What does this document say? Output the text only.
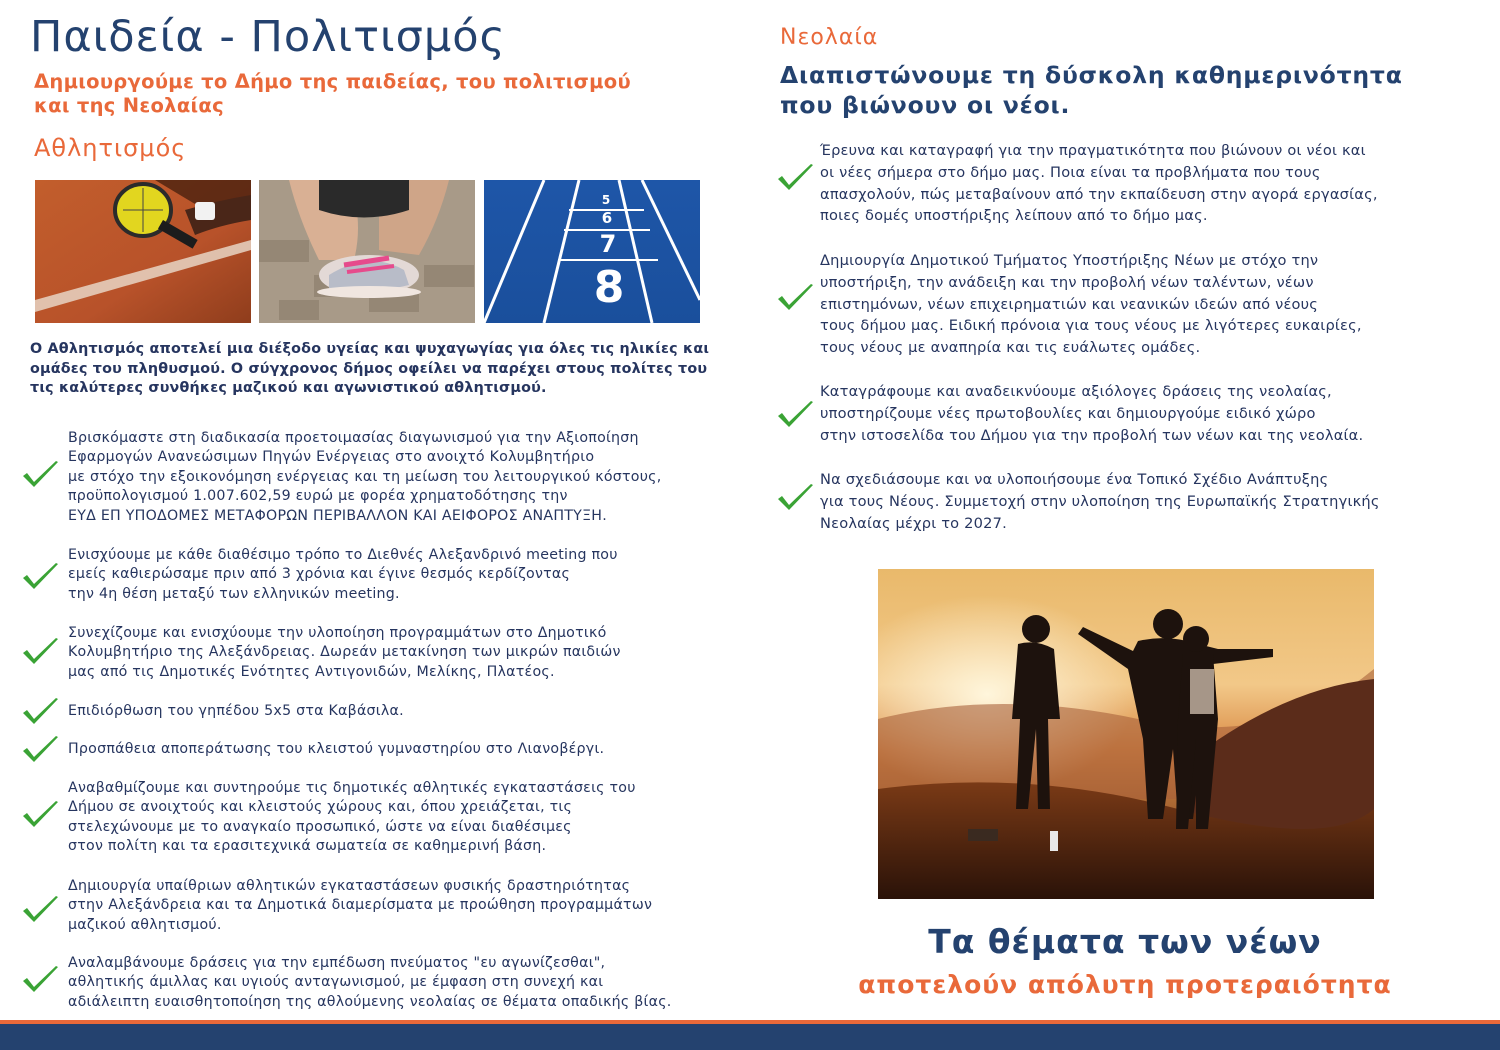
Παιδεία - Πολιτισμός

Δημιουργούμε το Δήμο της παιδείας, του πολιτισμού
και της Νεολαίας

Αθλητισμός
5
6
7
8

Ο Αθλητισμός αποτελεί μια διέξοδο υγείας και ψυχαγωγίας για όλες τις ηλικίες και ομάδες του πληθυσμού. Ο σύγχρονος δήμος οφείλει να παρέχει στους πολίτες του τις καλύτερες συνθήκες μαζικού και αγωνιστικού αθλητισμού.

Βρισκόμαστε στη διαδικασία προετοιμασίας διαγωνισμού για την Αξιοποίηση
Εφαρμογών Ανανεώσιμων Πηγών Ενέργειας στο ανοιχτό Κολυμβητήριο
με στόχο την εξοικονόμηση ενέργειας και τη μείωση του λειτουργικού κόστους,
προϋπολογισμού 1.007.602,59 ευρώ με φορέα χρηματοδότησης την
ΕΥΔ ΕΠ ΥΠΟΔΟΜΕΣ ΜΕΤΑΦΟΡΩΝ ΠΕΡΙΒΑΛΛΟΝ ΚΑΙ ΑΕΙΦΟΡΟΣ ΑΝΑΠΤΥΞΗ.

Ενισχύουμε με κάθε διαθέσιμο τρόπο το Διεθνές Αλεξανδρινό meeting που
εμείς καθιερώσαμε πριν από 3 χρόνια και έγινε θεσμός κερδίζοντας
την 4η θέση μεταξύ των ελληνικών meeting.

Συνεχίζουμε και ενισχύουμε την υλοποίηση προγραμμάτων στο Δημοτικό
Κολυμβητήριο της Αλεξάνδρειας. Δωρεάν μετακίνηση των μικρών παιδιών
μας από τις Δημοτικές Ενότητες Αντιγονιδών, Μελίκης, Πλατέος.

Επιδιόρθωση του γηπέδου 5x5 στα Καβάσιλα.

Προσπάθεια αποπεράτωσης του κλειστού γυμναστηρίου στο Λιανοβέργι.

Αναβαθμίζουμε και συντηρούμε τις δημοτικές αθλητικές εγκαταστάσεις του
Δήμου σε ανοιχτούς και κλειστούς χώρους και, όπου χρειάζεται, τις
στελεχώνουμε με το αναγκαίο προσωπικό, ώστε να είναι διαθέσιμες
στον πολίτη και τα ερασιτεχνικά σωματεία σε καθημερινή βάση.

Δημιουργία υπαίθριων αθλητικών εγκαταστάσεων φυσικής δραστηριότητας
στην Αλεξάνδρεια και τα Δημοτικά διαμερίσματα με προώθηση προγραμμάτων
μαζικού αθλητισμού.

Αναλαμβάνουμε δράσεις για την εμπέδωση πνεύματος "ευ αγωνίζεσθαι",
αθλητικής άμιλλας και υγιούς ανταγωνισμού, με έμφαση στη συνεχή και
αδιάλειπτη ευαισθητοποίηση της αθλούμενης νεολαίας σε θέματα οπαδικής βίας.

Νεολαία

Διαπιστώνουμε τη δύσκολη καθημερινότητα
που βιώνουν οι νέοι.

Έρευνα και καταγραφή για την πραγματικότητα που βιώνουν οι νέοι και
οι νέες σήμερα στο δήμο μας. Ποια είναι τα προβλήματα που τους
απασχολούν, πώς μεταβαίνουν από την εκπαίδευση στην αγορά εργασίας,
ποιες δομές υποστήριξης λείπουν από το δήμο μας.

Δημιουργία Δημοτικού Τμήματος Υποστήριξης Νέων με στόχο την
υποστήριξη, την ανάδειξη και την προβολή νέων ταλέντων, νέων
επιστημόνων, νέων επιχειρηματιών και νεανικών ιδεών από νέους
τους δήμου μας. Ειδική πρόνοια για τους νέους με λιγότερες ευκαιρίες,
τους νέους με αναπηρία και τις ευάλωτες ομάδες.

Καταγράφουμε και αναδεικνύουμε αξιόλογες δράσεις της νεολαίας,
υποστηρίζουμε νέες πρωτοβουλίες και δημιουργούμε ειδικό χώρο
στην ιστοσελίδα του Δήμου για την προβολή των νέων και της νεολαία.

Να σχεδιάσουμε και να υλοποιήσουμε ένα Τοπικό Σχέδιο Ανάπτυξης
για τους Νέους. Συμμετοχή στην υλοποίηση της Ευρωπαϊκής Στρατηγικής
Νεολαίας μέχρι το 2027.

Τα θέματα των νέων

αποτελούν απόλυτη προτεραιότητα
